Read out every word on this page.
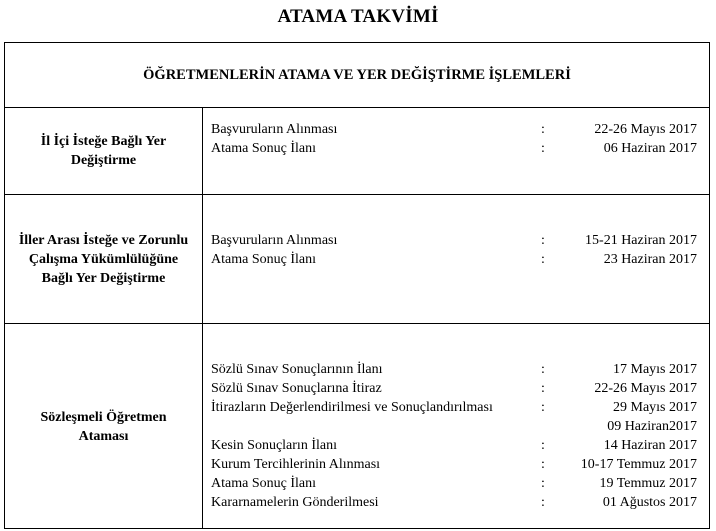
ATAMA TAKVİMİ
ÖĞRETMENLERİN ATAMA VE YER DEĞİŞTİRME İŞLEMLERİ
İl İçi İsteğe Bağlı Yer Değiştirme
Başvuruların Alınması	:	22-26 Mayıs 2017
Atama Sonuç İlanı	:	06 Haziran 2017
İller Arası İsteğe ve Zorunlu Çalışma Yükümlülüğüne Bağlı Yer Değiştirme
Başvuruların Alınması	:	15-21 Haziran 2017
Atama Sonuç İlanı	:	23 Haziran 2017
Sözleşmeli Öğretmen Ataması
Sözlü Sınav Sonuçlarının İlanı	:	17 Mayıs 2017
Sözlü Sınav Sonuçlarına İtiraz	:	22-26 Mayıs 2017
İtirazların Değerlendirilmesi ve Sonuçlandırılması	:	29 Mayıs 2017
09 Haziran2017
Kesin Sonuçların İlanı	:	14 Haziran 2017
Kurum Tercihlerinin Alınması	:	10-17 Temmuz 2017
Atama Sonuç İlanı	:	19 Temmuz 2017
Kararnamelerin Gönderilmesi	:	01 Ağustos 2017
